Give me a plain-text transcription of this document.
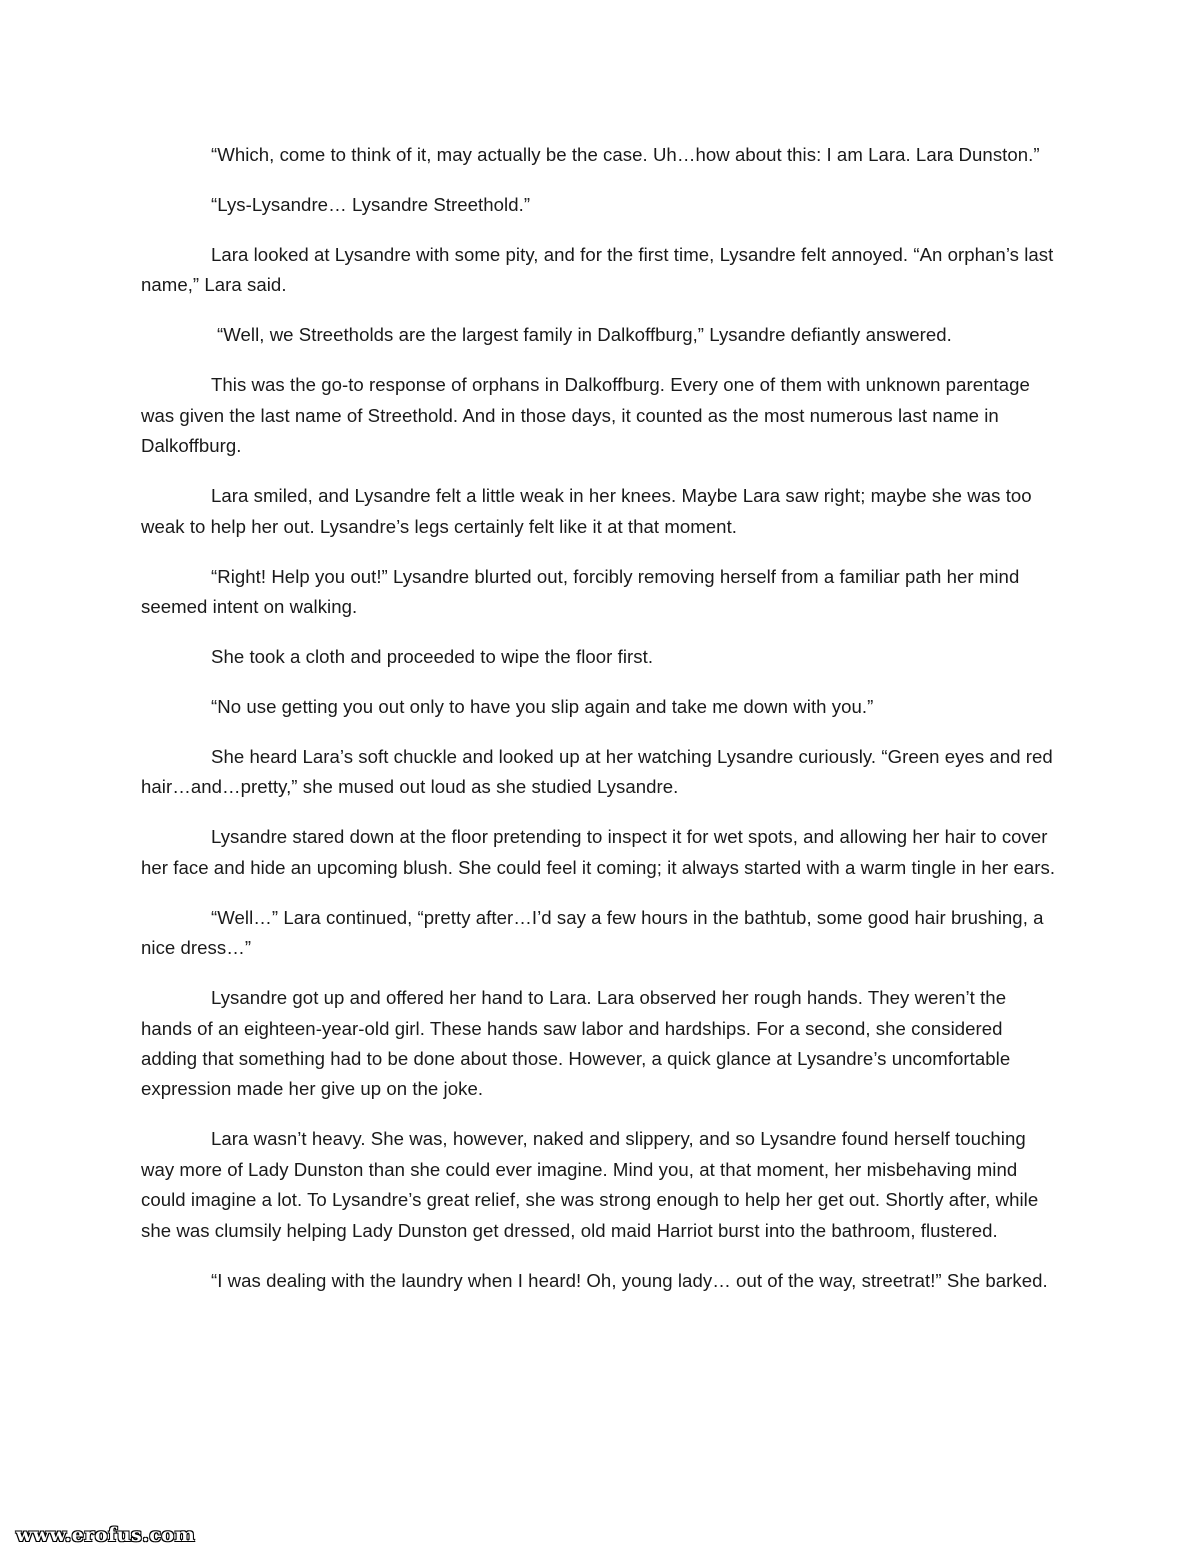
“Which, come to think of it, may actually be the case. Uh…how about this: I am Lara. Lara Dunston.”

“Lys-Lysandre… Lysandre Streethold.”

Lara looked at Lysandre with some pity, and for the first time, Lysandre felt annoyed. “An orphan’s last name,” Lara said.

“Well, we Streetholds are the largest family in Dalkoffburg,” Lysandre defiantly answered.

This was the go-to response of orphans in Dalkoffburg. Every one of them with unknown parentage was given the last name of Streethold. And in those days, it counted as the most numerous last name in Dalkoffburg.

Lara smiled, and Lysandre felt a little weak in her knees. Maybe Lara saw right; maybe she was too weak to help her out. Lysandre’s legs certainly felt like it at that moment.

“Right! Help you out!” Lysandre blurted out, forcibly removing herself from a familiar path her mind seemed intent on walking.

She took a cloth and proceeded to wipe the floor first.

“No use getting you out only to have you slip again and take me down with you.”

She heard Lara’s soft chuckle and looked up at her watching Lysandre curiously. “Green eyes and red hair…and…pretty,” she mused out loud as she studied Lysandre.

Lysandre stared down at the floor pretending to inspect it for wet spots, and allowing her hair to cover her face and hide an upcoming blush. She could feel it coming; it always started with a warm tingle in her ears.

“Well…” Lara continued, “pretty after…I’d say a few hours in the bathtub, some good hair brushing, a nice dress…”

Lysandre got up and offered her hand to Lara. Lara observed her rough hands. They weren’t the hands of an eighteen-year-old girl. These hands saw labor and hardships. For a second, she considered adding that something had to be done about those. However, a quick glance at Lysandre’s uncomfortable expression made her give up on the joke.

Lara wasn’t heavy. She was, however, naked and slippery, and so Lysandre found herself touching way more of Lady Dunston than she could ever imagine. Mind you, at that moment, her misbehaving mind could imagine a lot. To Lysandre’s great relief, she was strong enough to help her get out. Shortly after, while she was clumsily helping Lady Dunston get dressed, old maid Harriot burst into the bathroom, flustered.

“I was dealing with the laundry when I heard! Oh, young lady… out of the way, streetrat!” She barked.

www.erofus.com
